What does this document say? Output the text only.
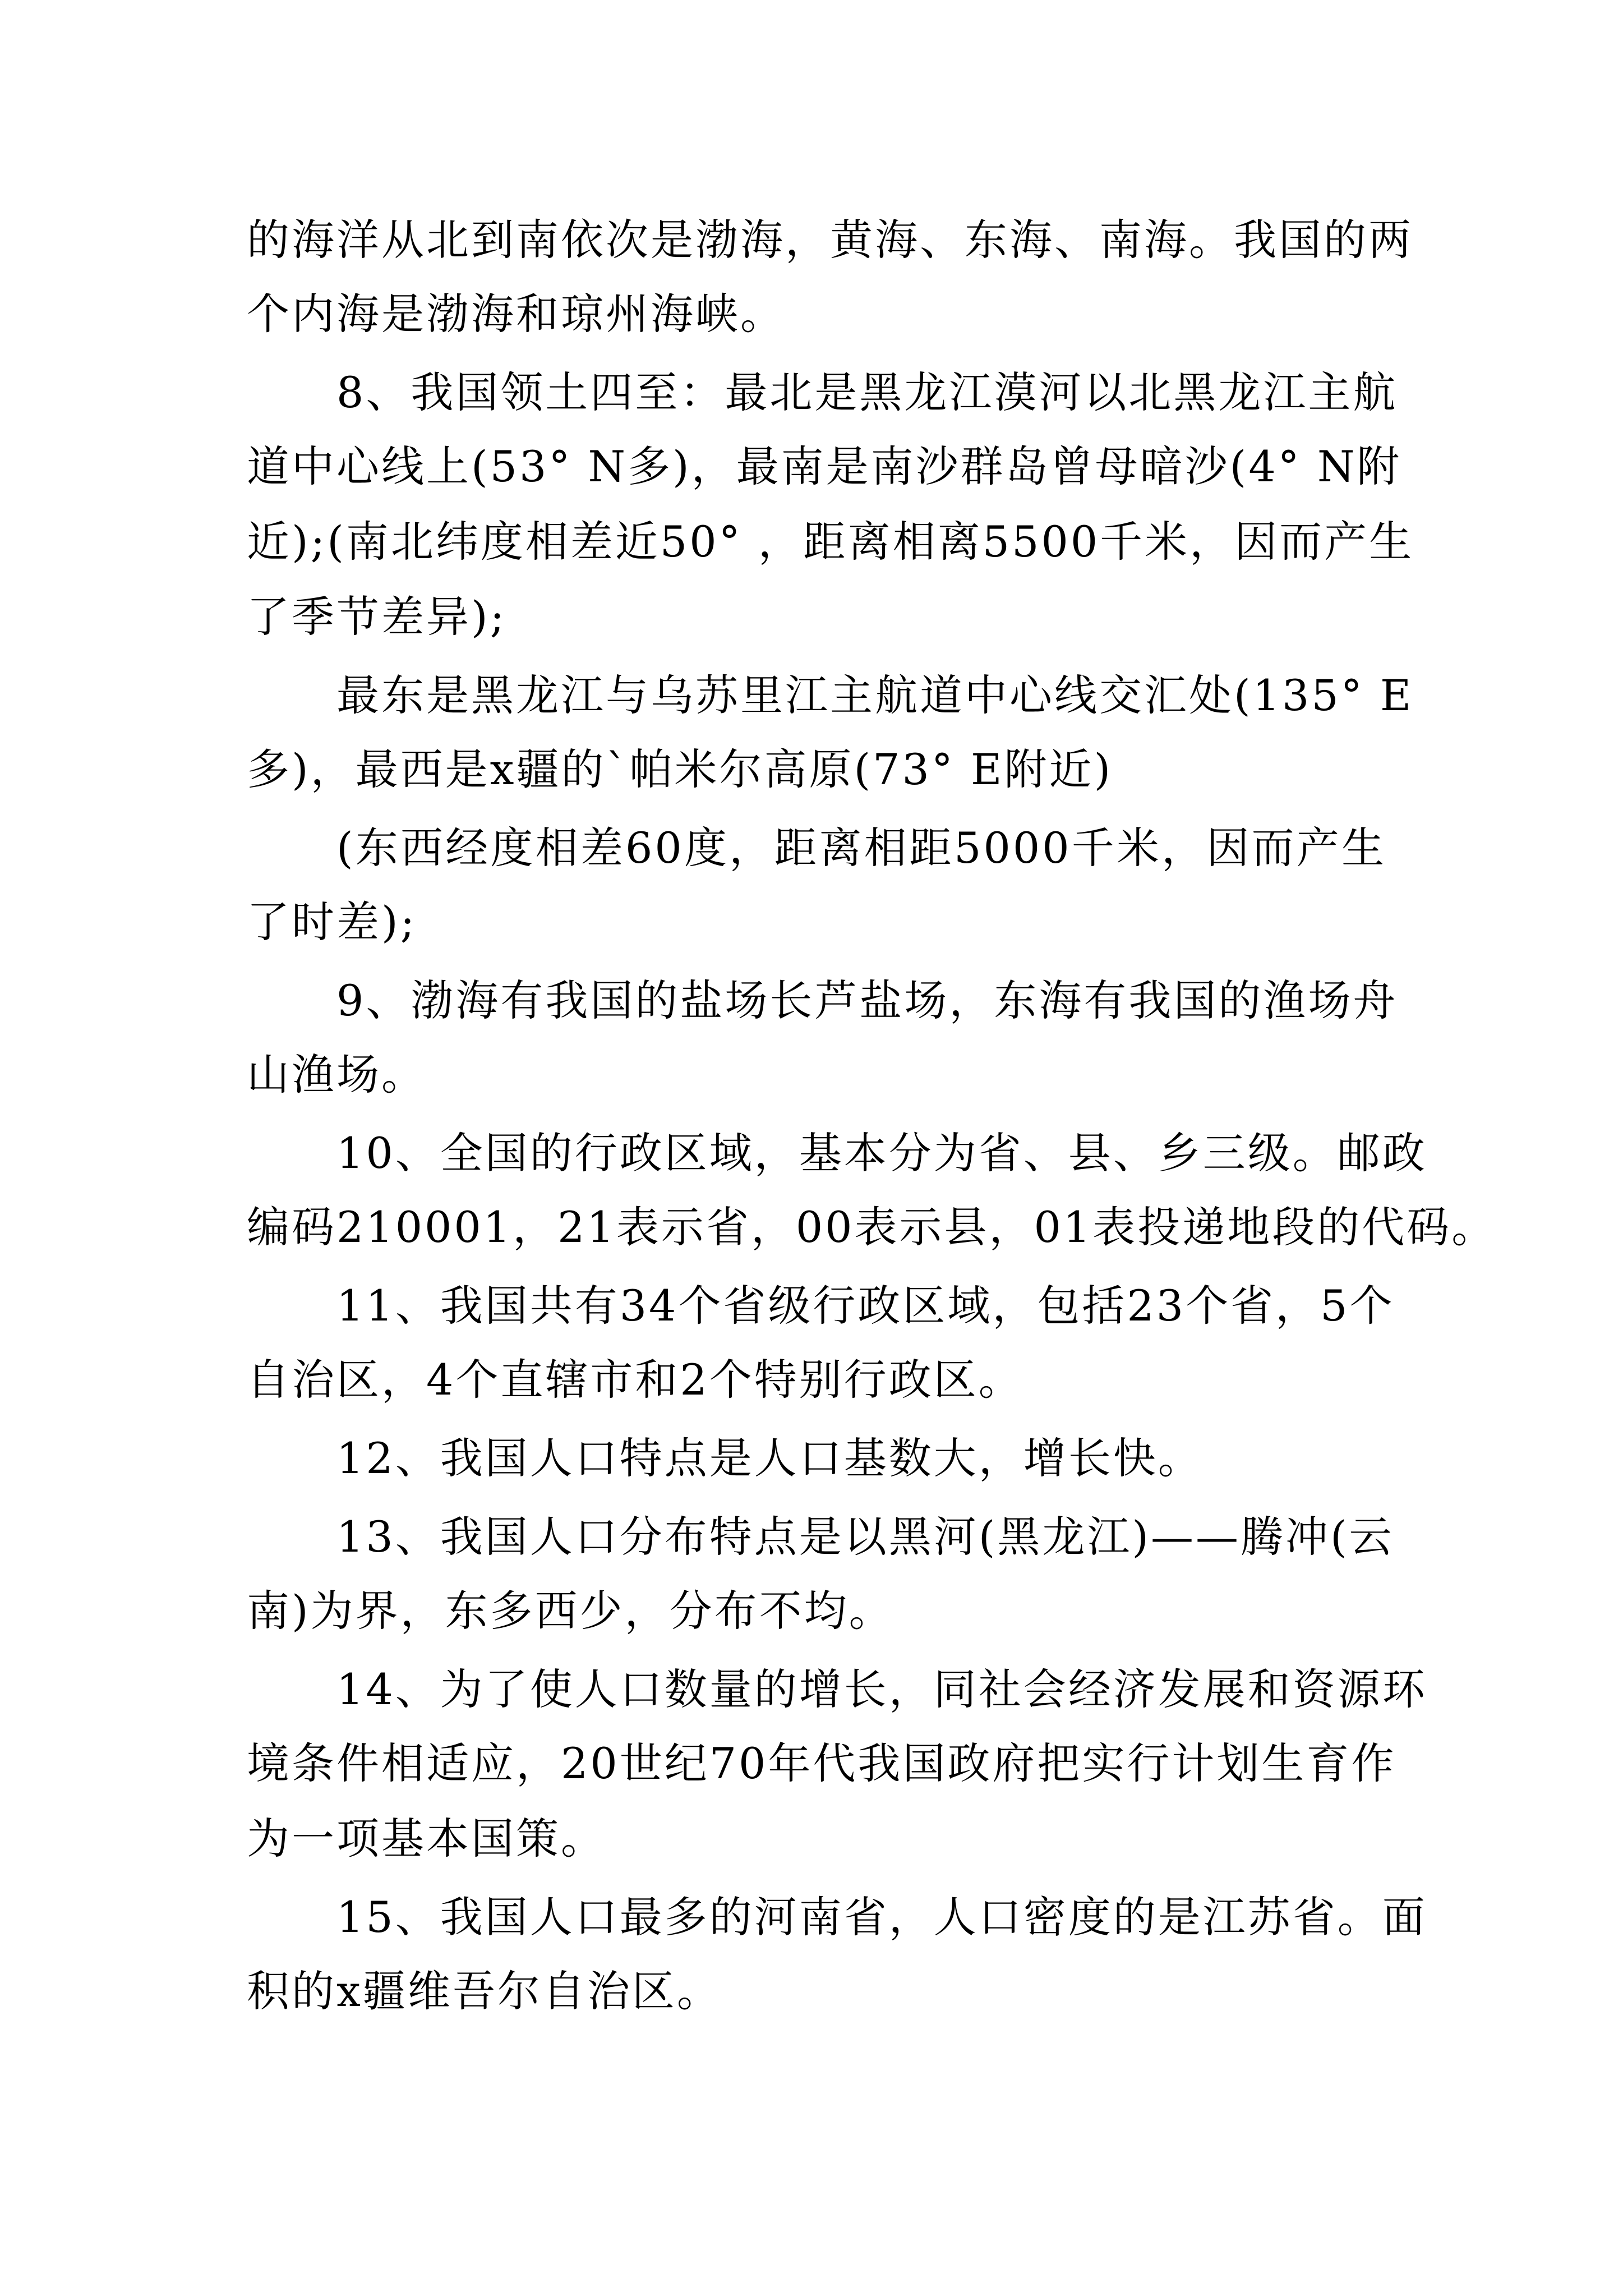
的海洋从北到南依次是渤海，黄海、东海、南海。我国的两
个内海是渤海和琼州海峡。
8、我国领土四至：最北是黑龙江漠河以北黑龙江主航
道中心线上(53° N多)，最南是南沙群岛曾母暗沙(4° N附
近);(南北纬度相差近50° ，距离相离5500千米，因而产生
了季节差异);
最东是黑龙江与乌苏里江主航道中心线交汇处(135° E
多)，最西是x疆的`帕米尔高原(73° E附近)
(东西经度相差60度，距离相距5000千米，因而产生
了时差);
9、渤海有我国的盐场长芦盐场，东海有我国的渔场舟
山渔场。
10、全国的行政区域，基本分为省、县、乡三级。邮政
编码210001，21表示省，00表示县，01表投递地段的代码。
11、我国共有34个省级行政区域，包括23个省，5个
自治区，4个直辖市和2个特别行政区。
12、我国人口特点是人口基数大，增长快。
13、我国人口分布特点是以黑河(黑龙江)——腾冲(云
南)为界，东多西少，分布不均。
14、为了使人口数量的增长，同社会经济发展和资源环
境条件相适应，20世纪70年代我国政府把实行计划生育作
为一项基本国策。
15、我国人口最多的河南省，人口密度的是江苏省。面
积的x疆维吾尔自治区。
